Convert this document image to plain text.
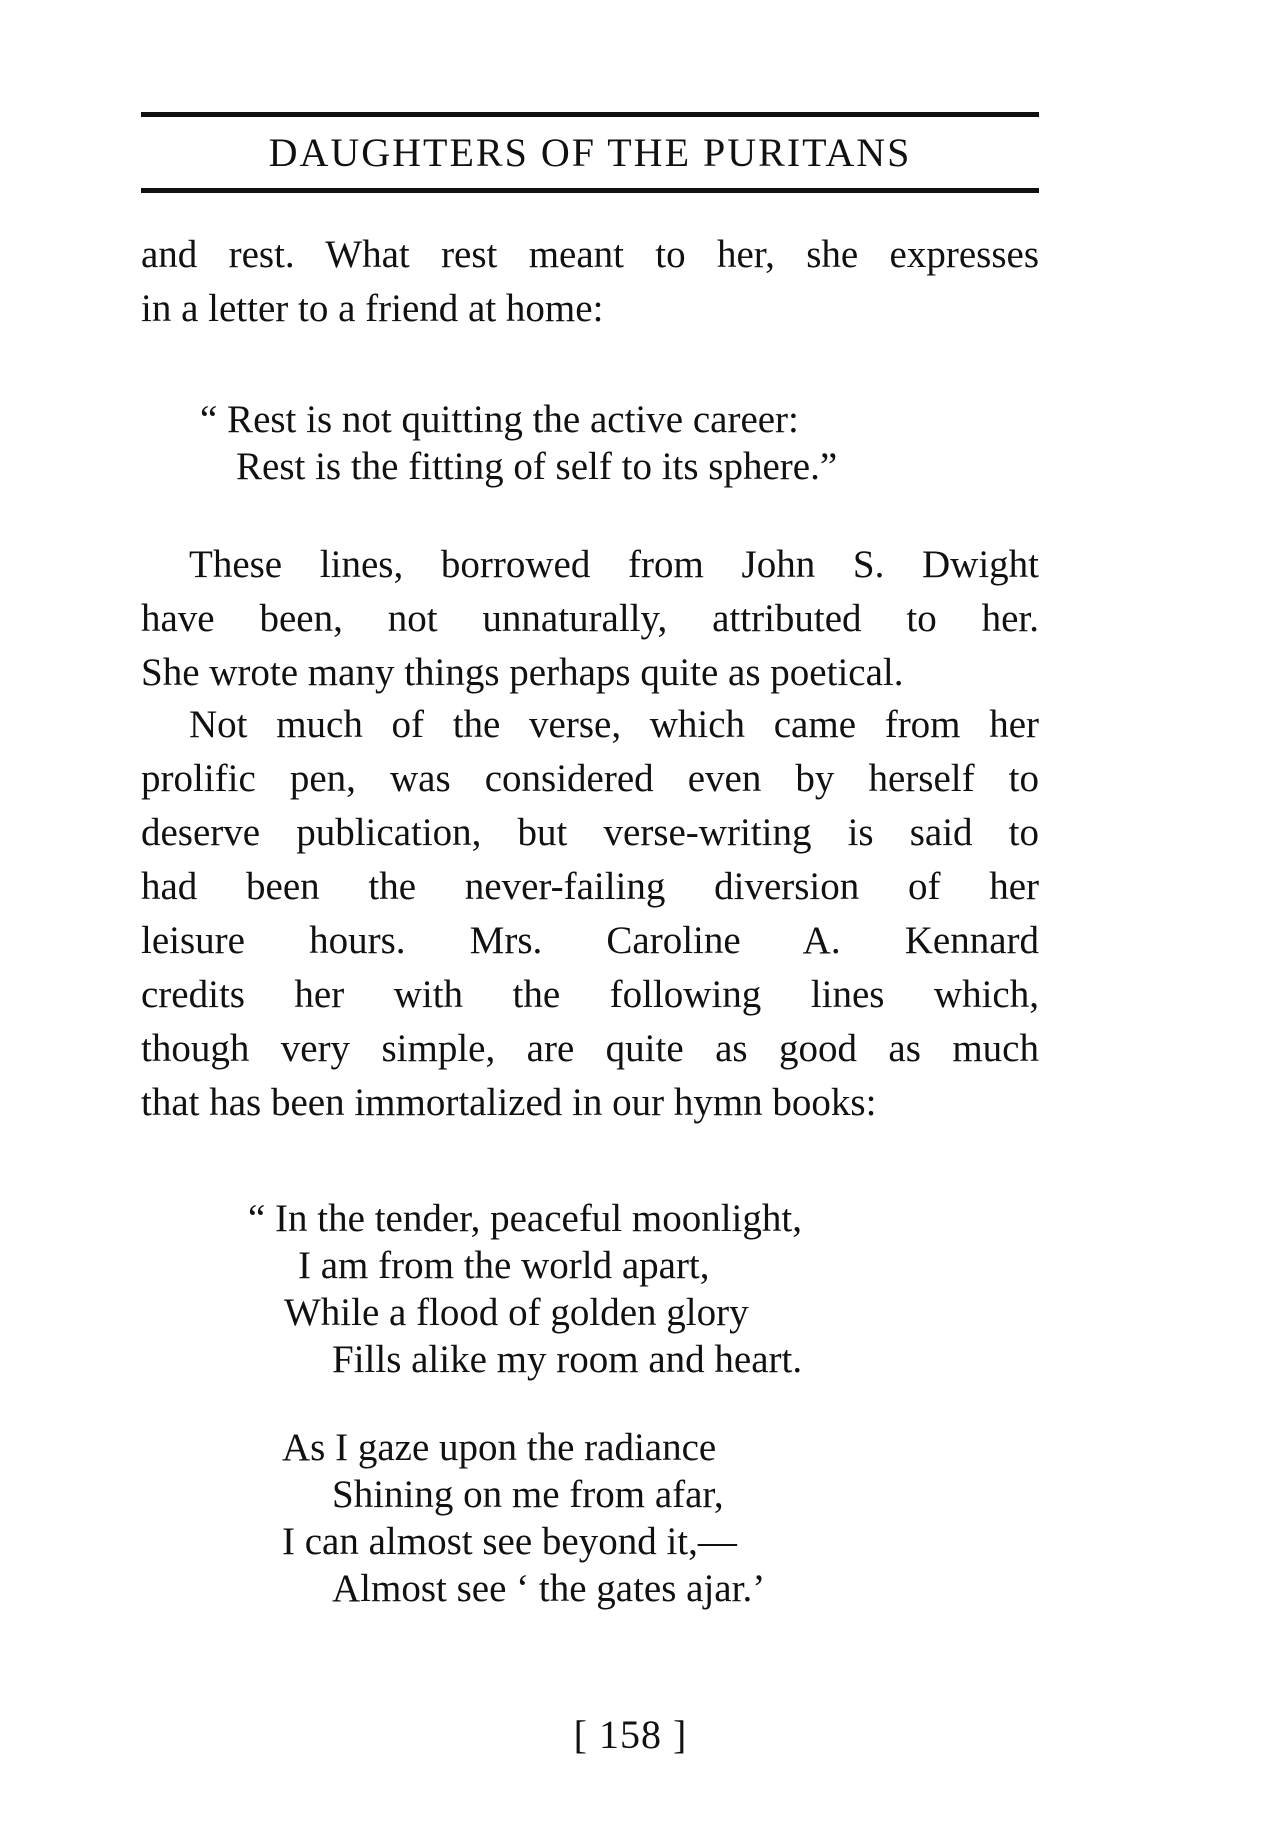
DAUGHTERS OF THE PURITANS
and rest. What rest meant to her, she expresses
in a letter to a friend at home:
“ Rest is not quitting the active career:
Rest is the fitting of self to its sphere.”
These lines, borrowed from John S. Dwight
have been, not unnaturally, attributed to her.
She wrote many things perhaps quite as poetical.
Not much of the verse, which came from her
prolific pen, was considered even by herself to
deserve publication, but verse-writing is said to
had been the never-failing diversion of her
leisure hours. Mrs. Caroline A. Kennard
credits her with the following lines which,
though very simple, are quite as good as much
that has been immortalized in our hymn books:
“ In the tender, peaceful moonlight,
I am from the world apart,
While a flood of golden glory
Fills alike my room and heart.
As I gaze upon the radiance
Shining on me from afar,
I can almost see beyond it,—
Almost see ‘ the gates ajar.’
[ 158 ]
